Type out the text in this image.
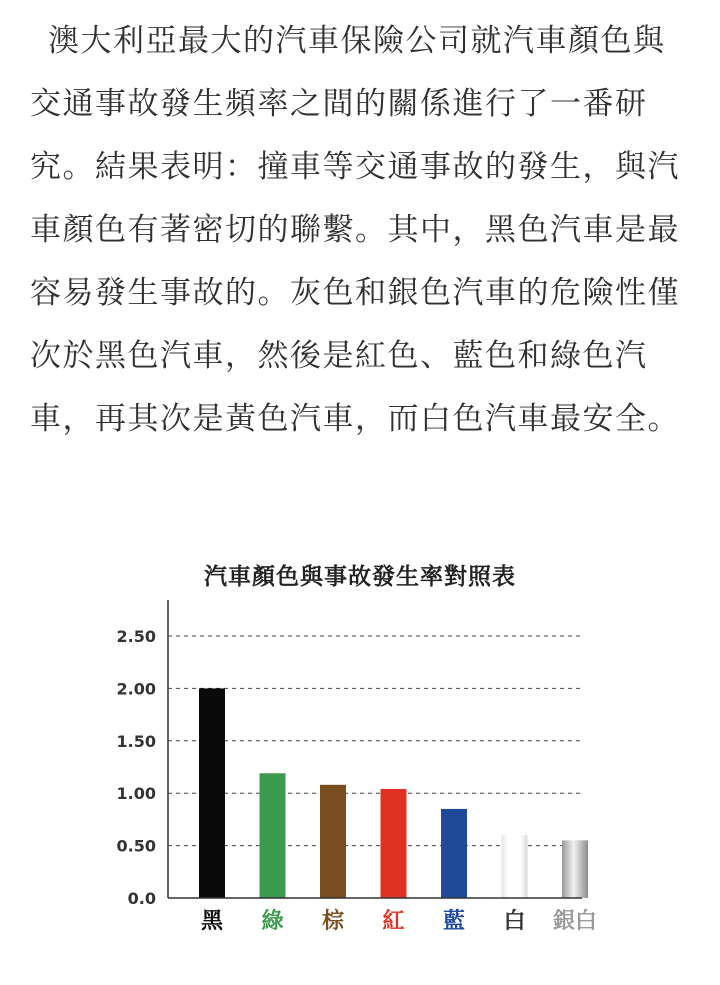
澳大利亞最大的汽車保險公司就汽車顏色與交通事故發生頻率之間的關係進行了一番研究。結果表明：撞車等交通事故的發生，與汽車顏色有著密切的聯繫。其中，黑色汽車是最容易發生事故的。灰色和銀色汽車的危險性僅次於黑色汽車，然後是紅色、藍色和綠色汽車，再其次是黃色汽車，而白色汽車最安全。

汽車顏色與事故發生率對照表
0.0
0.50
1.00
1.50
2.00
2.50
黑 綠 棕 紅 藍 白 銀白
